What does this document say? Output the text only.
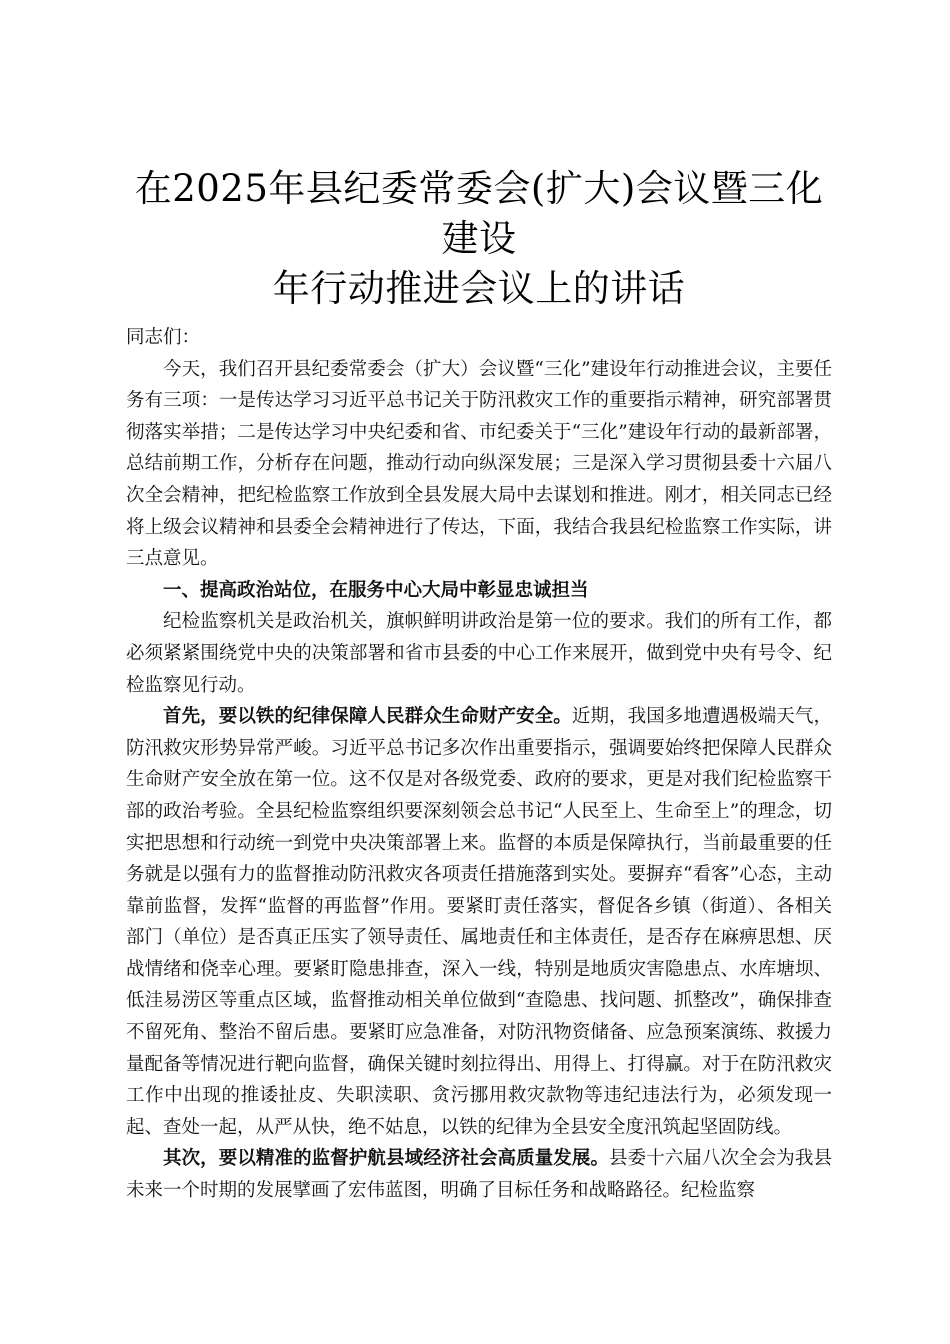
在2025年县纪委常委会(扩大)会议暨三化建设
年行动推进会议上的讲话

同志们：

今天，我们召开县纪委常委会（扩大）会议暨“三化”建设年行动推进会议，主要任务有三项：一是传达学习习近平总书记关于防汛救灾工作的重要指示精神，研究部署贯彻落实举措；二是传达学习中央纪委和省、市纪委关于“三化”建设年行动的最新部署，总结前期工作，分析存在问题，推动行动向纵深发展；三是深入学习贯彻县委十六届八次全会精神，把纪检监察工作放到全县发展大局中去谋划和推进。刚才，相关同志已经将上级会议精神和县委全会精神进行了传达，下面，我结合我县纪检监察工作实际，讲三点意见。

一、提高政治站位，在服务中心大局中彰显忠诚担当

纪检监察机关是政治机关，旗帜鲜明讲政治是第一位的要求。我们的所有工作，都必须紧紧围绕党中央的决策部署和省市县委的中心工作来展开，做到党中央有号令、纪检监察见行动。

首先，要以铁的纪律保障人民群众生命财产安全。近期，我国多地遭遇极端天气，防汛救灾形势异常严峻。习近平总书记多次作出重要指示，强调要始终把保障人民群众生命财产安全放在第一位。这不仅是对各级党委、政府的要求，更是对我们纪检监察干部的政治考验。全县纪检监察组织要深刻领会总书记“人民至上、生命至上”的理念，切实把思想和行动统一到党中央决策部署上来。监督的本质是保障执行，当前最重要的任务就是以强有力的监督推动防汛救灾各项责任措施落到实处。要摒弃“看客”心态，主动靠前监督，发挥“监督的再监督”作用。要紧盯责任落实，督促各乡镇（街道）、各相关部门（单位）是否真正压实了领导责任、属地责任和主体责任，是否存在麻痹思想、厌战情绪和侥幸心理。要紧盯隐患排查，深入一线，特别是地质灾害隐患点、水库塘坝、低洼易涝区等重点区域，监督推动相关单位做到“查隐患、找问题、抓整改”，确保排查不留死角、整治不留后患。要紧盯应急准备，对防汛物资储备、应急预案演练、救援力量配备等情况进行靶向监督，确保关键时刻拉得出、用得上、打得赢。对于在防汛救灾工作中出现的推诿扯皮、失职渎职、贪污挪用救灾款物等违纪违法行为，必须发现一起、查处一起，从严从快，绝不姑息，以铁的纪律为全县安全度汛筑起坚固防线。

其次，要以精准的监督护航县域经济社会高质量发展。县委十六届八次全会为我县未来一个时期的发展擘画了宏伟蓝图，明确了目标任务和战略路径。纪检监察
